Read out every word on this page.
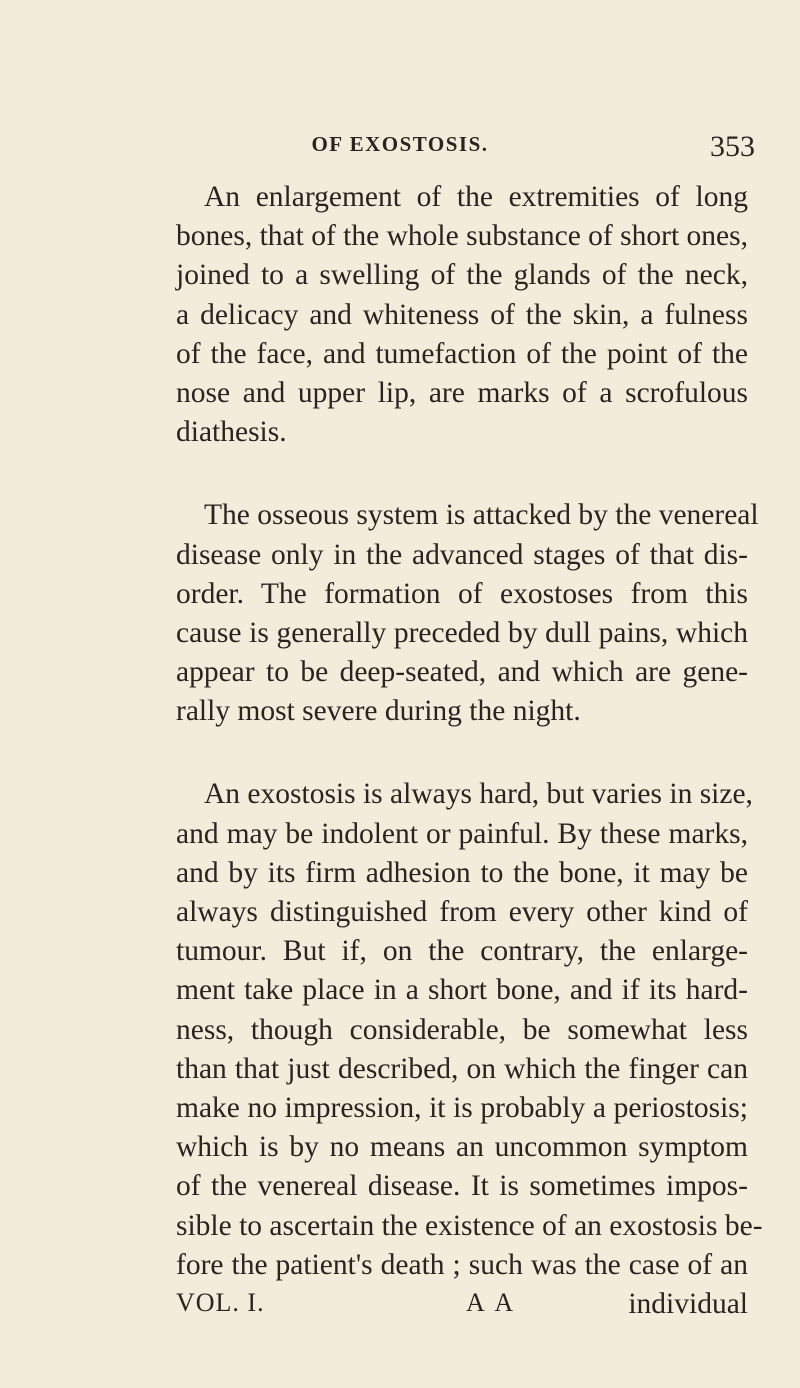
OF EXOSTOSIS.	353
An enlargement of the extremities of long
bones, that of the whole substance of short ones,
joined to a swelling of the glands of the neck,
a delicacy and whiteness of the skin, a fulness
of the face, and tumefaction of the point of the
nose and upper lip, are marks of a scrofulous
diathesis.
The osseous system is attacked by the venereal
disease only in the advanced stages of that dis-
order. The formation of exostoses from this
cause is generally preceded by dull pains, which
appear to be deep-seated, and which are gene-
rally most severe during the night.
An exostosis is always hard, but varies in size,
and may be indolent or painful. By these marks,
and by its firm adhesion to the bone, it may be
always distinguished from every other kind of
tumour. But if, on the contrary, the enlarge-
ment take place in a short bone, and if its hard-
ness, though considerable, be somewhat less
than that just described, on which the finger can
make no impression, it is probably a periostosis;
which is by no means an uncommon symptom
of the venereal disease. It is sometimes impos-
sible to ascertain the existence of an exostosis be-
fore the patient's death ; such was the case of an
VOL. I.	A A	individual
